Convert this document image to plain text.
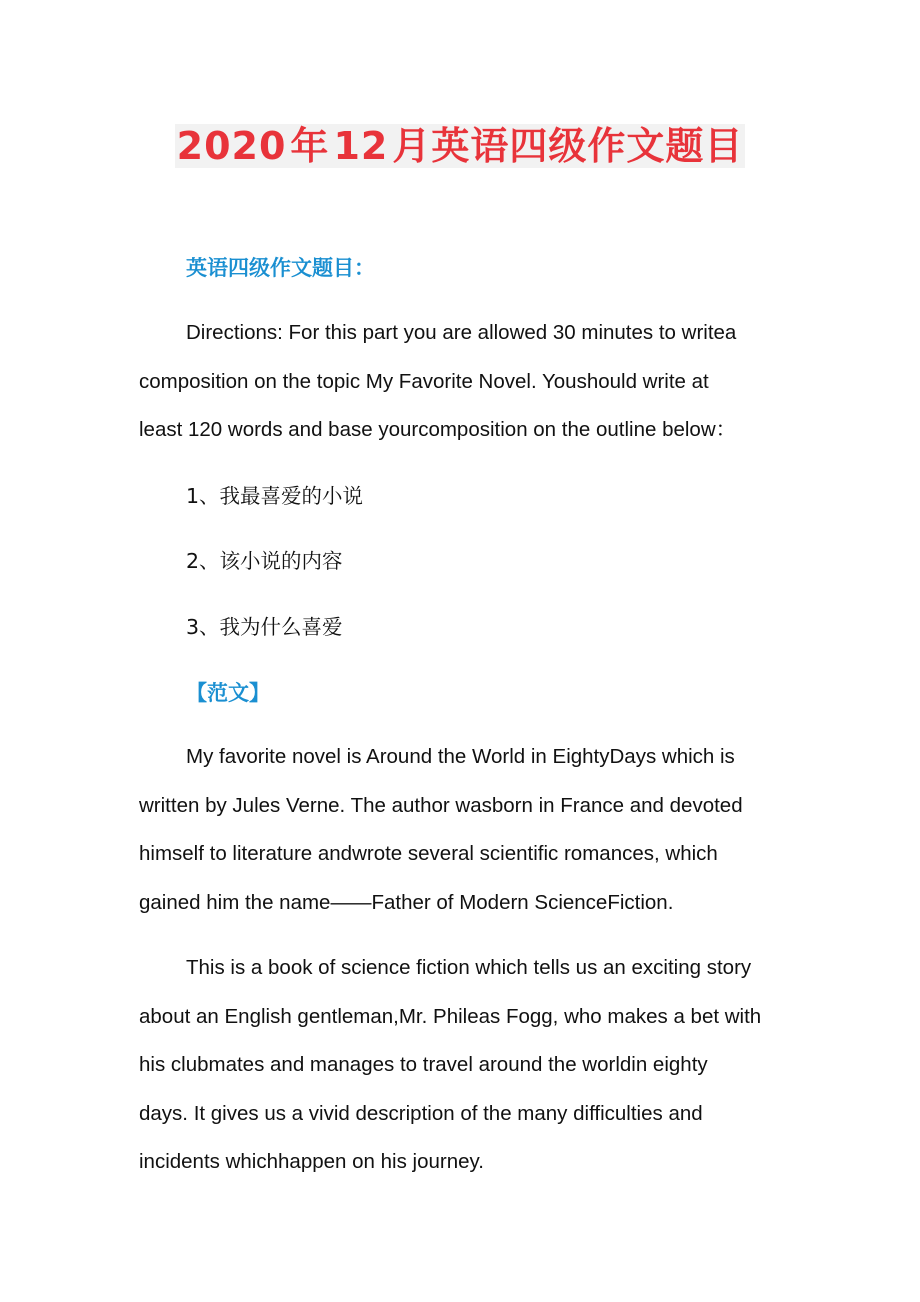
2020 年 12 月英语四级作文题目
英语四级作文题目：
Directions: For this part you are allowed 30 minutes to writea
composition on the topic My Favorite Novel. Youshould write at
least 120 words and base yourcomposition on the outline below：
1、我最喜爱的小说
2、该小说的内容
3、我为什么喜爱
【范文】
My favorite novel is Around the World in EightyDays which is
written by Jules Verne. The author wasborn in France and devoted
himself to literature andwrote several scientific romances, which
gained him the name——Father of Modern ScienceFiction.
This is a book of science fiction which tells us an exciting story
about an English gentleman,Mr. Phileas Fogg, who makes a bet with
his clubmates and manages to travel around the worldin eighty
days. It gives us a vivid description of the many difficulties and
incidents whichhappen on his journey.
